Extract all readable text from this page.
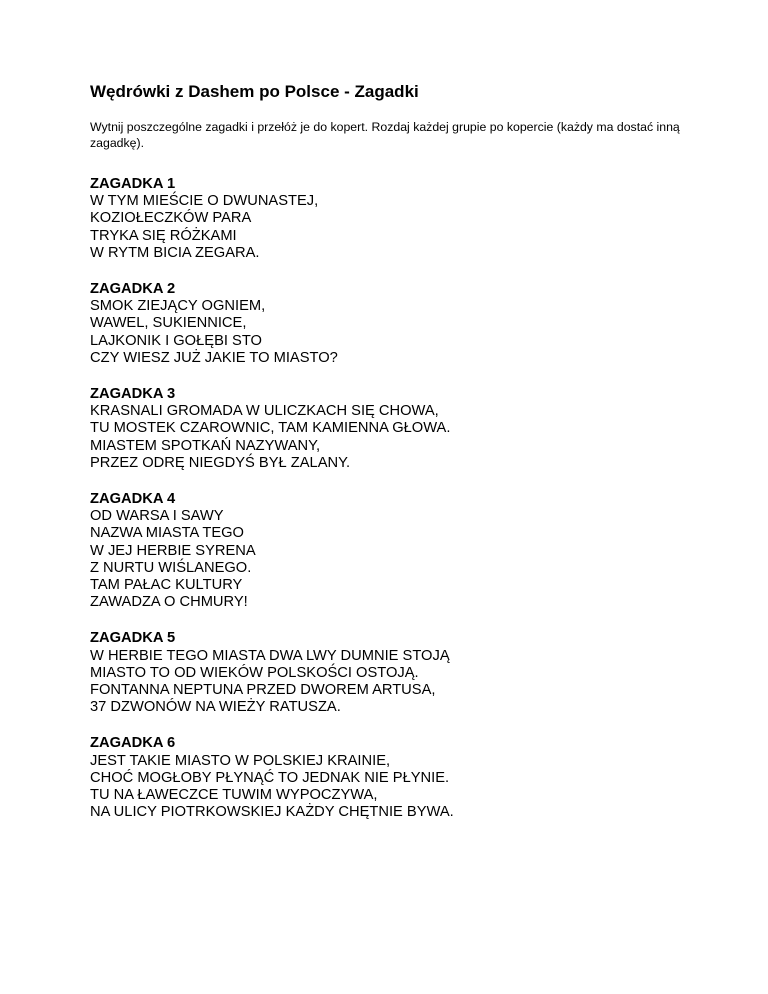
Wędrówki z Dashem po Polsce - Zagadki

Wytnij poszczególne zagadki i przełóż je do kopert. Rozdaj każdej grupie po kopercie (każdy ma dostać inną zagadkę).

ZAGADKA 1

W TYM MIEŚCIE O DWUNASTEJ,

KOZIOŁECZKÓW PARA

TRYKA SIĘ RÓŻKAMI

W RYTM BICIA ZEGARA.

ZAGADKA 2

SMOK ZIEJĄCY OGNIEM,

WAWEL, SUKIENNICE,

LAJKONIK I GOŁĘBI STO

CZY WIESZ JUŻ JAKIE TO MIASTO?

ZAGADKA 3

KRASNALI GROMADA W ULICZKACH SIĘ CHOWA,

TU MOSTEK CZAROWNIC, TAM KAMIENNA GŁOWA.

MIASTEM SPOTKAŃ NAZYWANY,

PRZEZ ODRĘ NIEGDYŚ BYŁ ZALANY.

ZAGADKA 4

OD WARSA I SAWY

NAZWA MIASTA TEGO

W JEJ HERBIE SYRENA

Z NURTU WIŚLANEGO.

TAM PAŁAC KULTURY

ZAWADZA O CHMURY!

ZAGADKA 5

W HERBIE TEGO MIASTA DWA LWY DUMNIE STOJĄ

MIASTO TO OD WIEKÓW POLSKOŚCI OSTOJĄ.

FONTANNA NEPTUNA PRZED DWOREM ARTUSA,

37 DZWONÓW NA WIEŻY RATUSZA.

ZAGADKA 6

JEST TAKIE MIASTO W POLSKIEJ KRAINIE,

CHOĆ MOGŁOBY PŁYNĄĆ TO JEDNAK NIE PŁYNIE.

TU NA ŁAWECZCE TUWIM WYPOCZYWA,

NA ULICY PIOTRKOWSKIEJ KAŻDY CHĘTNIE BYWA.
